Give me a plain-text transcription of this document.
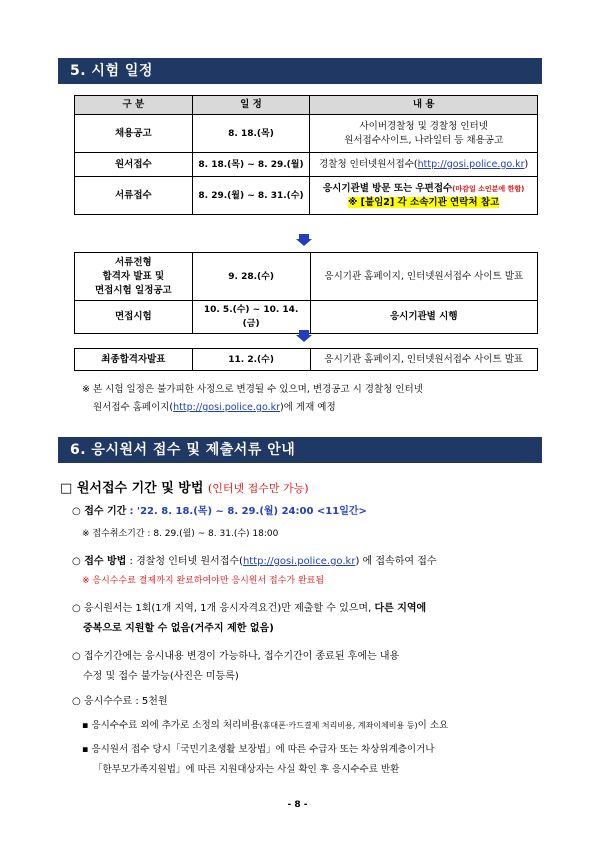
5. 시험 일정
구 분	일 정	내 용
채용공고	8. 18.(목)	사이버경찰청 및 경찰청 인터넷
원서접수사이트, 나라일터 등 채용공고

원서접수	8. 18.(목) ~ 8. 29.(월)	경찰청 인터넷원서접수(http://gosi.police.go.kr)
서류접수	8. 29.(월) ~ 8. 31.(수)	응시기관별 방문 또는 우편접수(마감일 소인분에 한함)
※ [붙임2] 각 소속기관 연락처 참고
서류전형
합격자 발표 및
면접시험 일정공고	9. 28.(수)	응시기관 홈페이지, 인터넷원서접수 사이트 발표
면접시험	10. 5.(수) ~ 10. 14.(금)	응시기관별 시행
최종합격자발표	11. 2.(수)	응시기관 홈페이지, 인터넷원서접수 사이트 발표
※ 본 시험 일정은 불가피한 사정으로 변경될 수 있으며, 변경공고 시 경찰청 인터넷
원서접수 홈페이지(http://gosi.police.go.kr)에 게재 예정
6. 응시원서 접수 및 제출서류 안내
□ 원서접수 기간 및 방법 (인터넷 접수만 가능)
○ 접수 기간 : '22. 8. 18.(목) ~ 8. 29.(월) 24:00 <11일간>
※ 접수취소기간 : 8. 29.(월) ~ 8. 31.(수) 18:00
○ 접수 방법 : 경찰청 인터넷 원서접수(http://gosi.police.go.kr) 에 접속하여 접수
※ 응시수수료 결제까지 완료하여야만 응시원서 접수가 완료됨
○ 응시원서는 1회(1개 지역, 1개 응시자격요건)만 제출할 수 있으며, 다른 지역에
중복으로 지원할 수 없음(거주지 제한 없음)
○ 접수기간에는 응시내용 변경이 가능하나, 접수기간이 종료된 후에는 내용
수정 및 접수 불가능(사진은 미등록)
○ 응시수수료 : 5천원
▪ 응시수수료 외에 추가로 소정의 처리비용(휴대폰·카드결제 처리비용, 계좌이체비용 등)이 소요
▪ 응시원서 접수 당시「국민기초생활 보장법」에 따른 수급자 또는 차상위계층이거나
「한부모가족지원법」에 따른 지원대상자는 사실 확인 후 응시수수료 반환
- 8 -
